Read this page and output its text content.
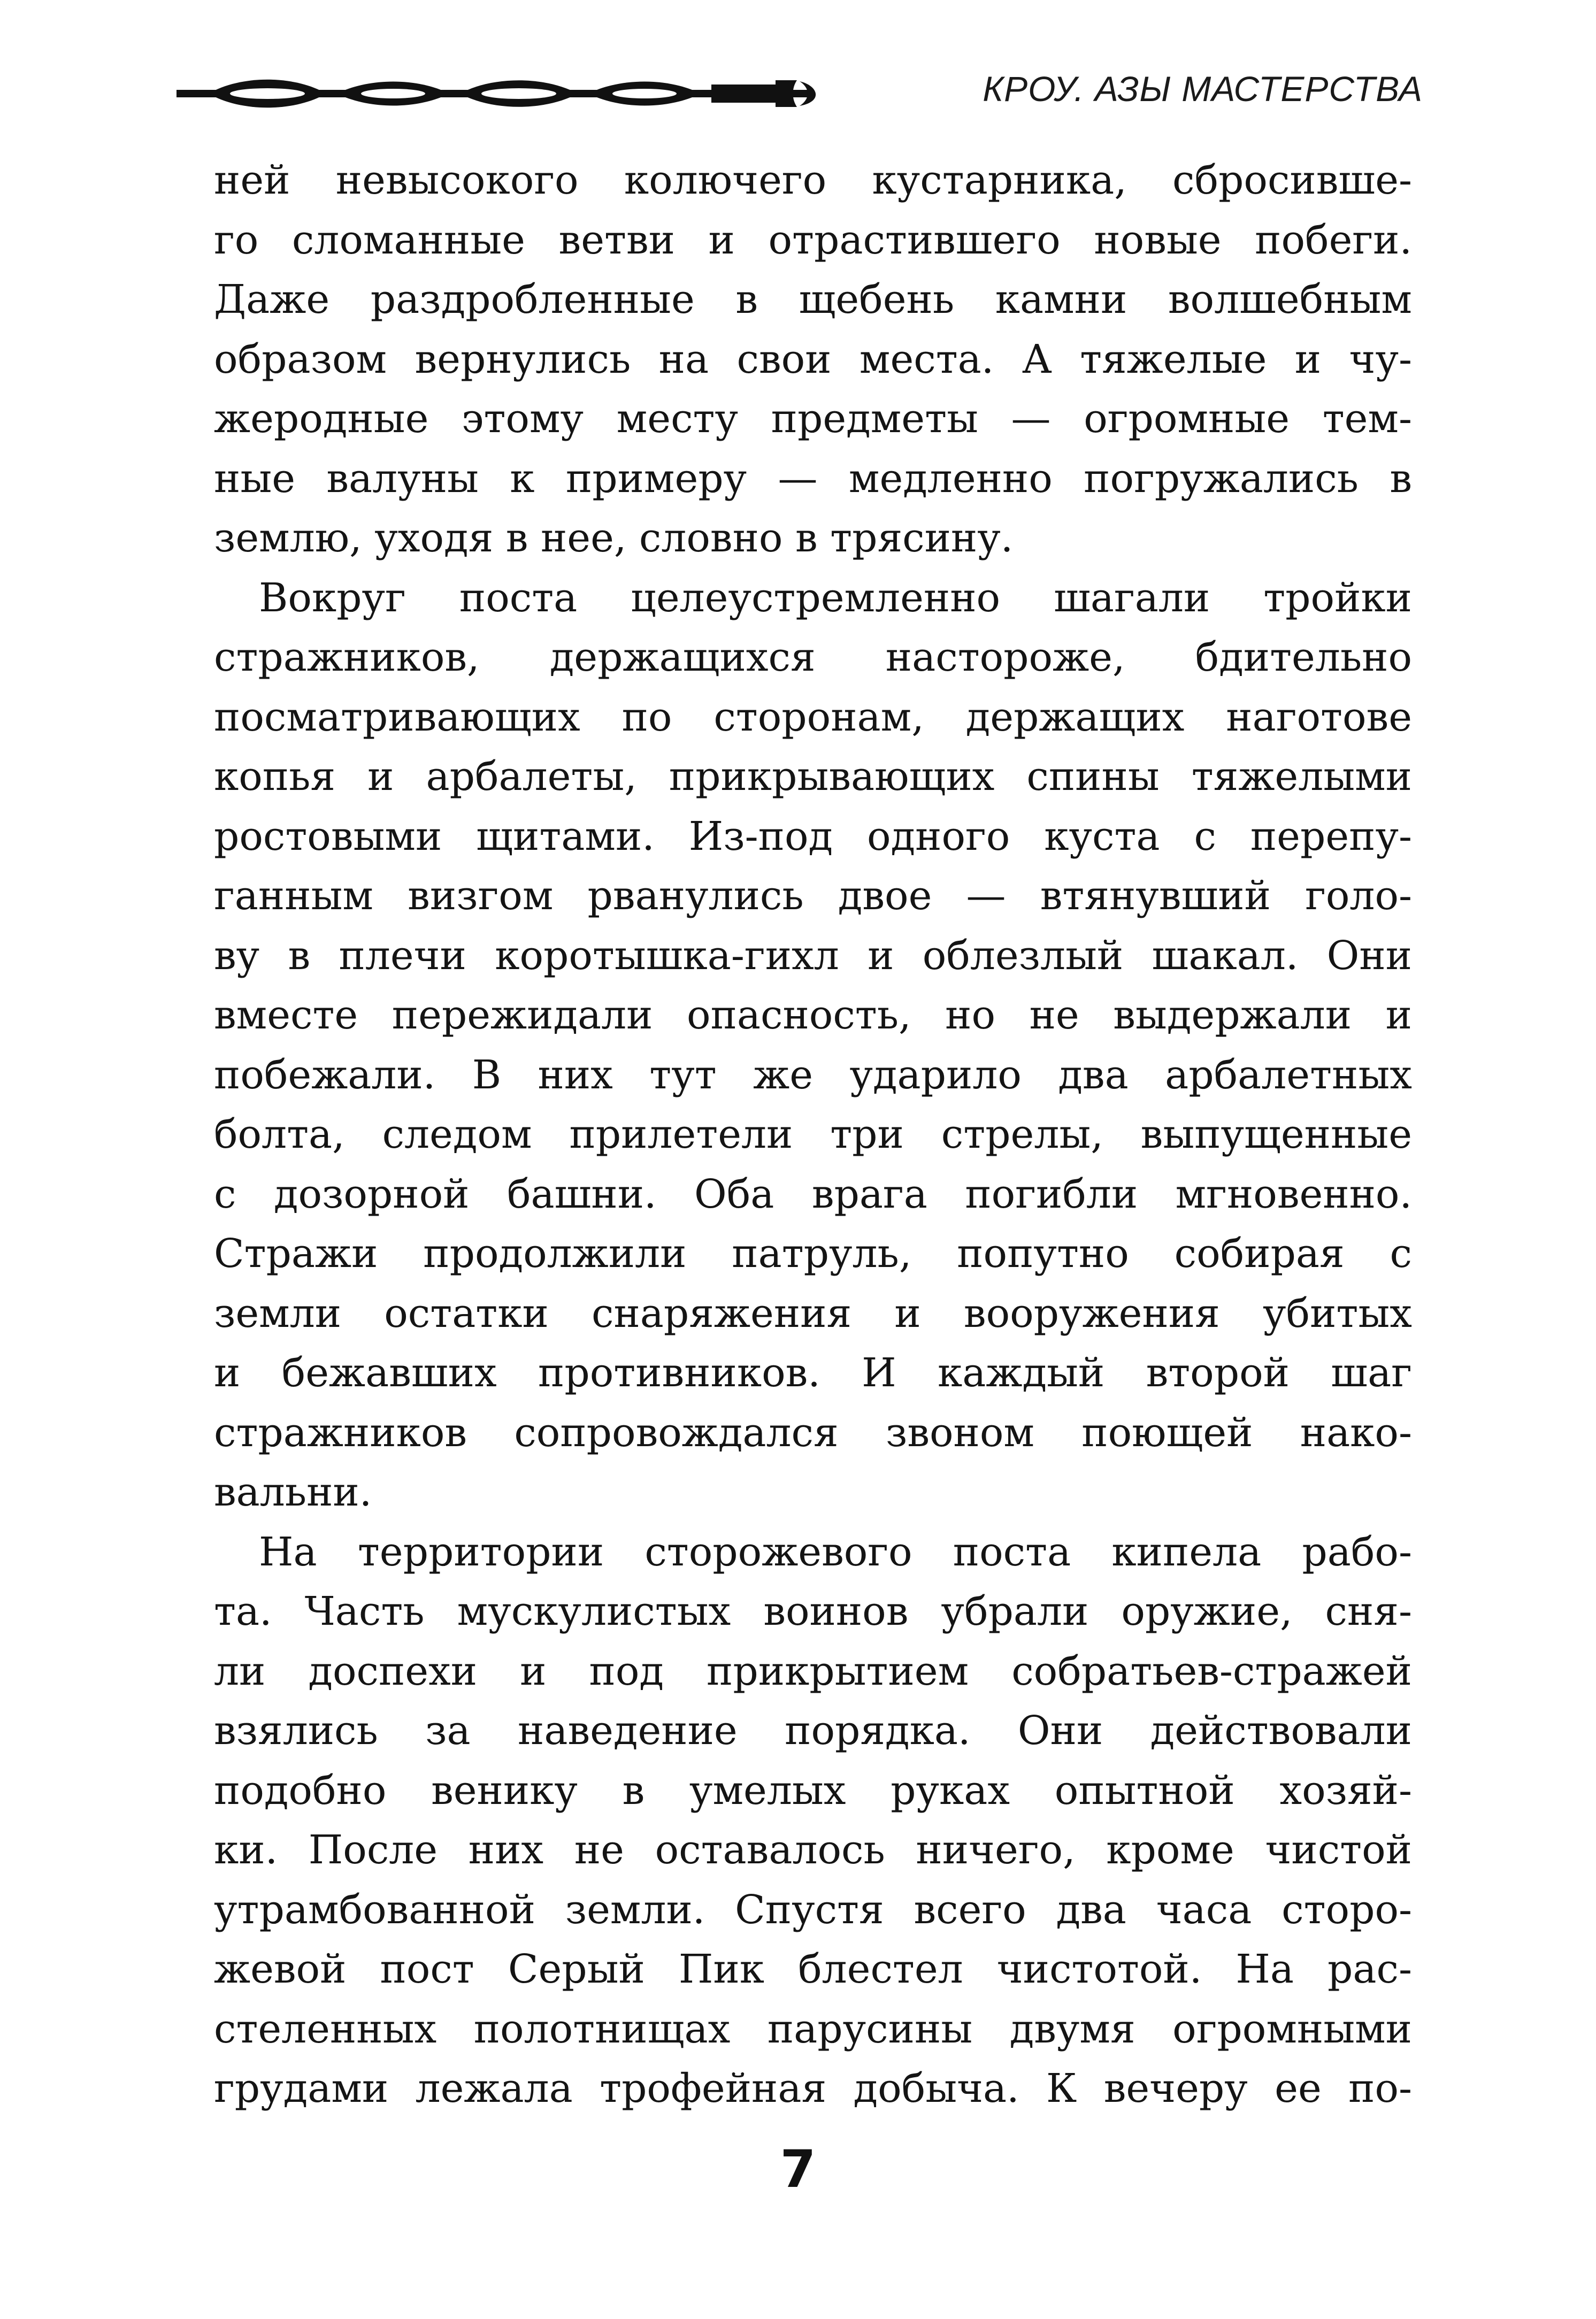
КРОУ. АЗЫ МАСТЕРСТВА

ней невысокого колючего кустарника, сбросивше-
го сломанные ветви и отрастившего новые побеги.
Даже раздробленные в щебень камни волшебным
образом вернулись на свои места. А тяжелые и чу-
жеродные этому месту предметы — огромные тем-
ные валуны к примеру — медленно погружались в
землю, уходя в нее, словно в трясину.

Вокруг поста целеустремленно шагали тройки
стражников, держащихся настороже, бдительно
посматривающих по сторонам, держащих наготове
копья и арбалеты, прикрывающих спины тяжелыми
ростовыми щитами. Из-под одного куста с перепу-
ганным визгом рванулись двое — втянувший голо-
ву в плечи коротышка-гихл и облезлый шакал. Они
вместе пережидали опасность, но не выдержали и
побежали. В них тут же ударило два арбалетных
болта, следом прилетели три стрелы, выпущенные
с дозорной башни. Оба врага погибли мгновенно.
Стражи продолжили патруль, попутно собирая с
земли остатки снаряжения и вооружения убитых
и бежавших противников. И каждый второй шаг
стражников сопровождался звоном поющей нако-
вальни.

На территории сторожевого поста кипела рабо-
та. Часть мускулистых воинов убрали оружие, сня-
ли доспехи и под прикрытием собратьев-стражей
взялись за наведение порядка. Они действовали
подобно венику в умелых руках опытной хозяй-
ки. После них не оставалось ничего, кроме чистой
утрамбованной земли. Спустя всего два часа сторо-
жевой пост Серый Пик блестел чистотой. На рас-
стеленных полотнищах парусины двумя огромными
грудами лежала трофейная добыча. К вечеру ее по-

7
